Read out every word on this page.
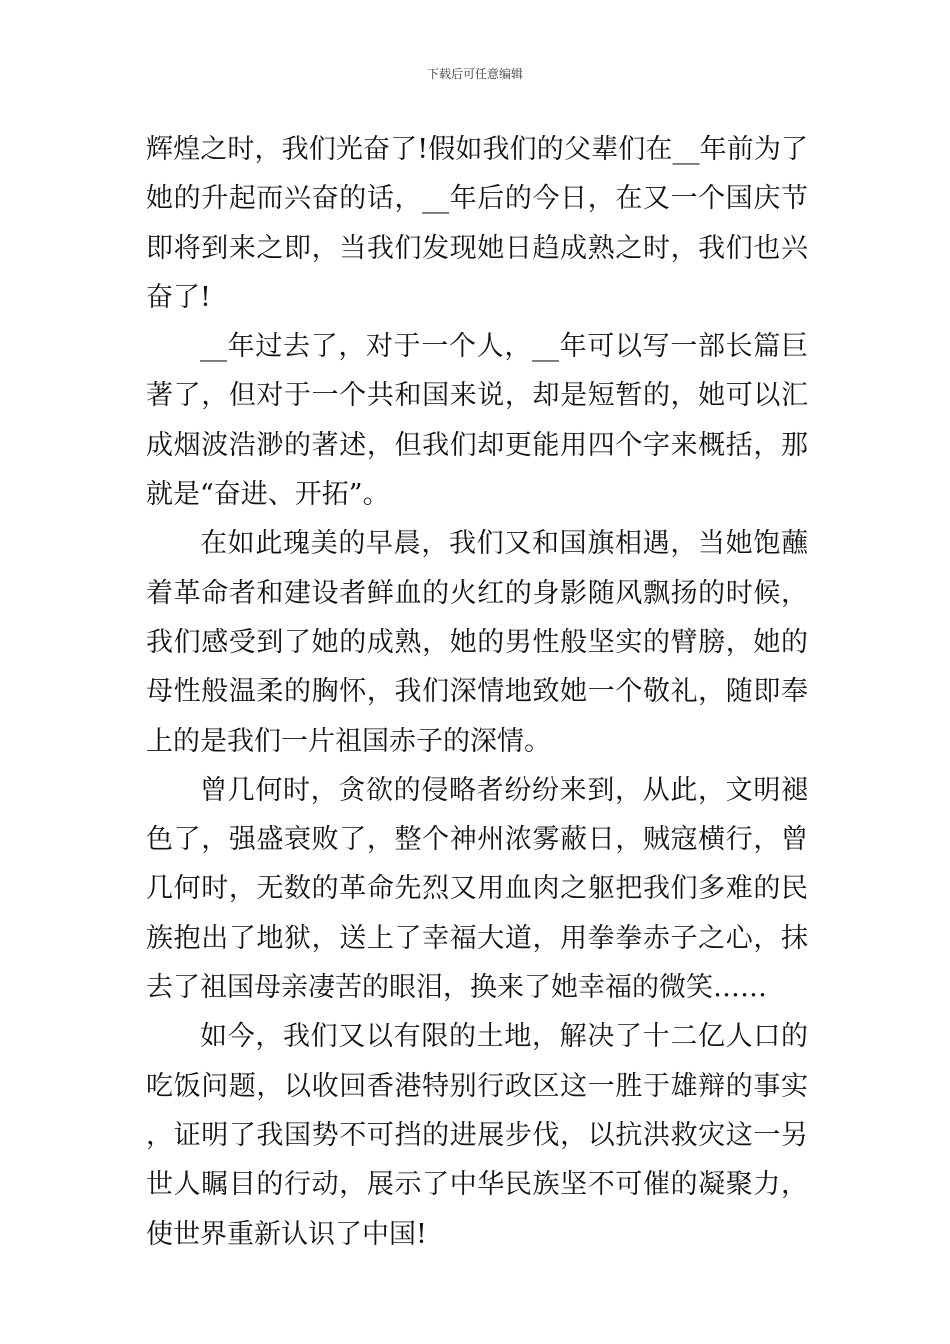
下载后可任意编辑

辉煌之时，我们光奋了!假如我们的父辈们在__年前为了她的升起而兴奋的话，__年后的今日，在又一个国庆节即将到来之即，当我们发现她日趋成熟之时，我们也兴奋了!

__年过去了，对于一个人，__年可以写一部长篇巨著了，但对于一个共和国来说，却是短暂的，她可以汇成烟波浩渺的著述，但我们却更能用四个字来概括，那就是“奋进、开拓”。

在如此瑰美的早晨，我们又和国旗相遇，当她饱蘸着革命者和建设者鲜血的火红的身影随风飘扬的时候，我们感受到了她的成熟，她的男性般坚实的臂膀，她的母性般温柔的胸怀，我们深情地致她一个敬礼，随即奉上的是我们一片祖国赤子的深情。

曾几何时，贪欲的侵略者纷纷来到，从此，文明褪色了，强盛衰败了，整个神州浓雾蔽日，贼寇横行，曾几何时，无数的革命先烈又用血肉之躯把我们多难的民族抱出了地狱，送上了幸福大道，用拳拳赤子之心，抹去了祖国母亲凄苦的眼泪，换来了她幸福的微笑……

如今，我们又以有限的土地，解决了十二亿人口的吃饭问题，以收回香港特别行政区这一胜于雄辩的事实，证明了我国势不可挡的进展步伐，以抗洪救灾这一另世人瞩目的行动，展示了中华民族坚不可催的凝聚力，使世界重新认识了中国!
